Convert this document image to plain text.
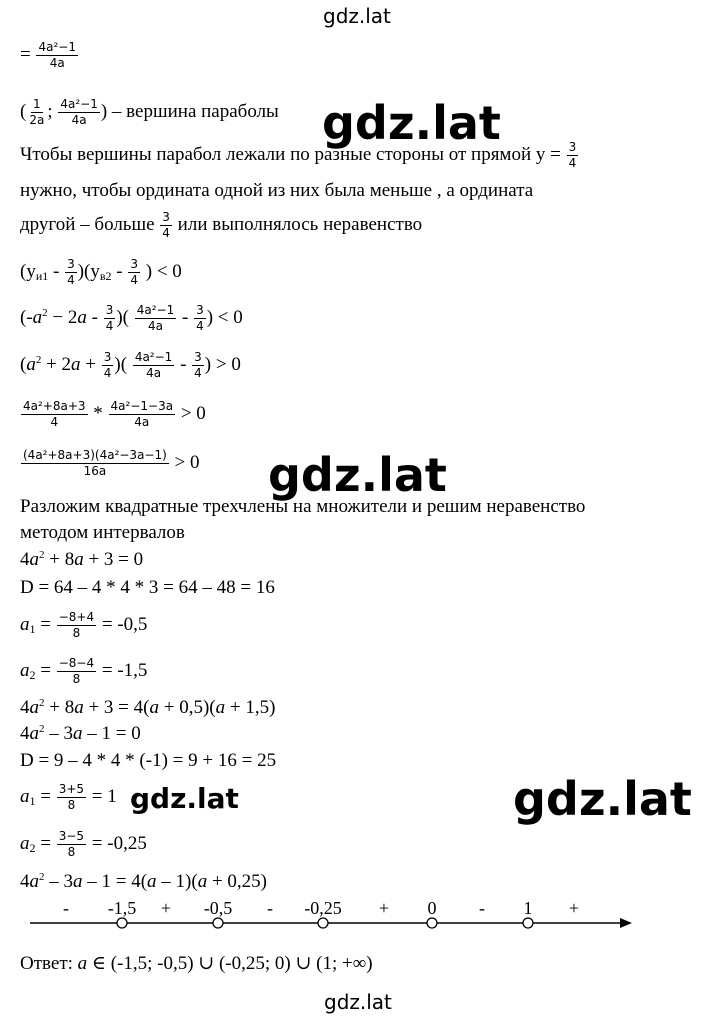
gdz.lat
gdz.lat
gdz.lat
gdz.lat
gdz.lat
gdz.lat
= $\frac{\text{4a²−1}}{4a}$
( $\frac{1}{2a}$ ; $\frac{\text{4a²−1}}{4a}$ ) – вершина параболы
Чтобы вершины парабол лежали по разные стороны от прямой $y = \frac{3}{4}$
нужно, чтобы ордината одной из них была меньше , а ордината
другой – больше $\frac{3}{4}$ или выполнялось неравенство
$(y_{и1} - \frac{3}{4} )(y_{в2} - \frac{3}{4}$ ) < 0
($-a^2 - 2a - \frac{3}{4}$ )( $\frac{\text{4a²−1}}{4a} - \frac{3}{4}$ ) < 0
($a^2 + 2a + \frac{3}{4}$ )( $\frac{\text{4a²−1}}{4a} - \frac{3}{4}$ ) > 0
$\frac{\text{4a²+8a+3}}{4} * \frac{\text{4a²−1−3a}}{4a} > 0$
$\frac{\text{(4a²+8a+3)(4a²−3a−1)}}{16a} > 0$
Разложим квадратные трехчлены на множители и решим неравенство
методом интервалов
$4a^2 + 8a + 3 = 0$
D = 64 – 4 * 4 * 3 = 64 – 48 = 16
$a_1 = \frac{-8+4}{8} = -0,5$
$a_2 = \frac{-8-4}{8} = -1,5$
$4a^2 + 8a + 3 = 4(a + 0,5)(a + 1,5)$
$4a^2 - 3a - 1 = 0$
D = 9 – 4 * 4 * (-1) = 9 + 16 = 25
$a_1 = \frac{3+5}{8} = 1$
$a_2 = \frac{3-5}{8} = -0,25$
$4a^2 - 3a - 1 = 4(a - 1)(a + 0,25)$
-1,5	-0,5	-0,25	0	1
-	+	-	+	-	+
Ответ: a ∈ (-1,5; -0,5) ∪ (-0,25; 0) ∪ (1; +∞)
